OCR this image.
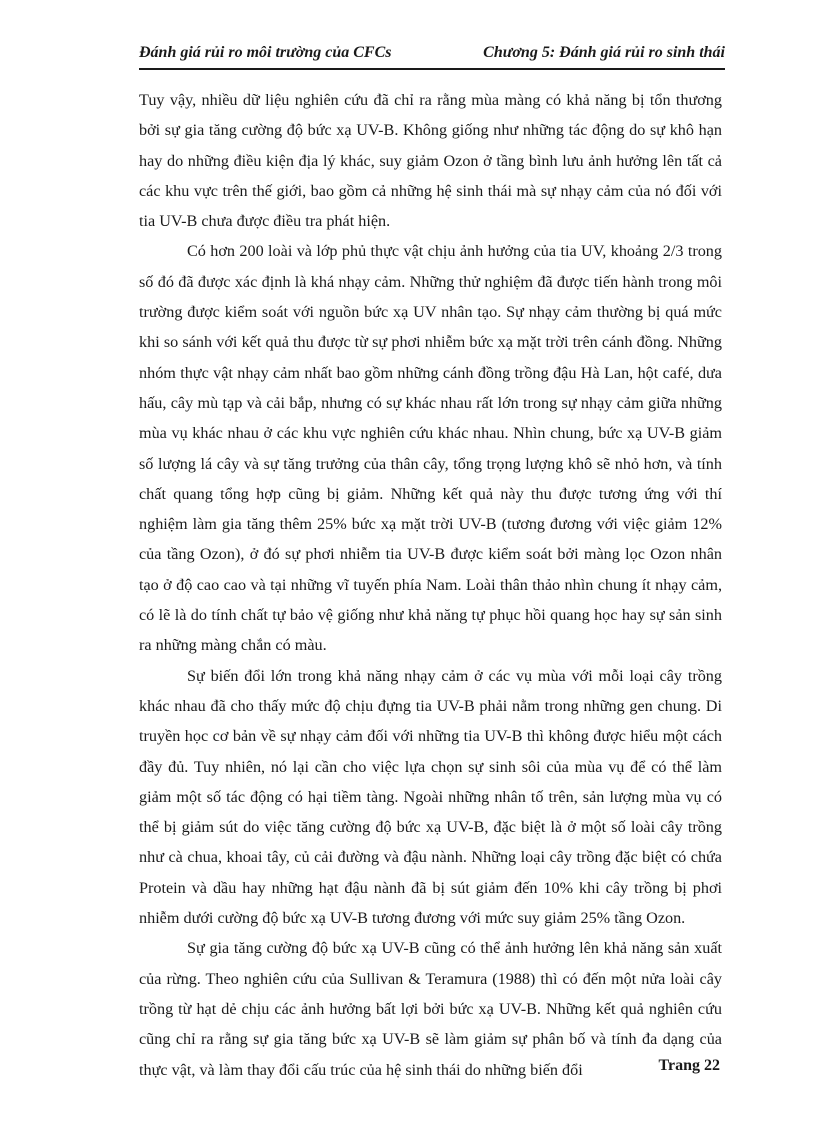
Đánh giá rủi ro môi trường của CFCs	Chương 5: Đánh giá rủi ro sinh thái

Tuy vậy, nhiều dữ liệu nghiên cứu đã chỉ ra rằng mùa màng có khả năng bị tổn thương bởi sự gia tăng cường độ bức xạ UV-B. Không giống như những tác động do sự khô hạn hay do những điều kiện địa lý khác, suy giảm Ozon ở tầng bình lưu ảnh hưởng lên tất cả các khu vực trên thế giới, bao gồm cả những hệ sinh thái mà sự nhạy cảm của nó đối với tia UV-B chưa được điều tra phát hiện.

Có hơn 200 loài và lớp phủ thực vật chịu ảnh hưởng của tia UV, khoảng 2/3 trong số đó đã được xác định là khá nhạy cảm. Những thử nghiệm đã được tiến hành trong môi trường được kiểm soát với nguồn bức xạ UV nhân tạo. Sự nhạy cảm thường bị quá mức khi so sánh với kết quả thu được từ sự phơi nhiễm bức xạ mặt trời trên cánh đồng. Những nhóm thực vật nhạy cảm nhất bao gồm những cánh đồng trồng đậu Hà Lan, hột café, dưa hấu, cây mù tạp và cải bắp, nhưng có sự khác nhau rất lớn trong sự nhạy cảm giữa những mùa vụ khác nhau ở các khu vực nghiên cứu khác nhau. Nhìn chung, bức xạ UV-B giảm số lượng lá cây và sự tăng trưởng của thân cây, tổng trọng lượng khô sẽ nhỏ hơn, và tính chất quang tổng hợp cũng bị giảm. Những kết quả này thu được tương ứng với thí nghiệm làm gia tăng thêm 25% bức xạ mặt trời UV-B (tương đương với việc giảm 12% của tầng Ozon), ở đó sự phơi nhiễm tia UV-B được kiểm soát bởi màng lọc Ozon nhân tạo ở độ cao cao và tại những vĩ tuyến phía Nam. Loài thân thảo nhìn chung ít nhạy cảm, có lẽ là do tính chất tự bảo vệ giống như khả năng tự phục hồi quang học hay sự sản sinh ra những màng chắn có màu.

Sự biến đổi lớn trong khả năng nhạy cảm ở các vụ mùa với mỗi loại cây trồng khác nhau đã cho thấy mức độ chịu đựng tia UV-B phải nằm trong những gen chung. Di truyền học cơ bản về sự nhạy cảm đối với những tia UV-B thì không được hiểu một cách đầy đủ. Tuy nhiên, nó lại cần cho việc lựa chọn sự sinh sôi của mùa vụ để có thể làm giảm một số tác động có hại tiềm tàng. Ngoài những nhân tố trên, sản lượng mùa vụ có thể bị giảm sút do việc tăng cường độ bức xạ UV-B, đặc biệt là ở một số loài cây trồng như cà chua, khoai tây, củ cải đường và đậu nành. Những loại cây trồng đặc biệt có chứa Protein và dầu hay những hạt đậu nành đã bị sút giảm đến 10% khi cây trồng bị phơi nhiễm dưới cường độ bức xạ UV-B tương đương với mức suy giảm 25% tầng Ozon.

Sự gia tăng cường độ bức xạ UV-B cũng có thể ảnh hưởng lên khả năng sản xuất của rừng. Theo nghiên cứu của Sullivan & Teramura (1988) thì có đến một nửa loài cây trồng từ hạt dẻ chịu các ảnh hưởng bất lợi bởi bức xạ UV-B. Những kết quả nghiên cứu cũng chỉ ra rằng sự gia tăng bức xạ UV-B sẽ làm giảm sự phân bố và tính đa dạng của thực vật, và làm thay đổi cấu trúc của hệ sinh thái do những biến đổi	Trang 22
